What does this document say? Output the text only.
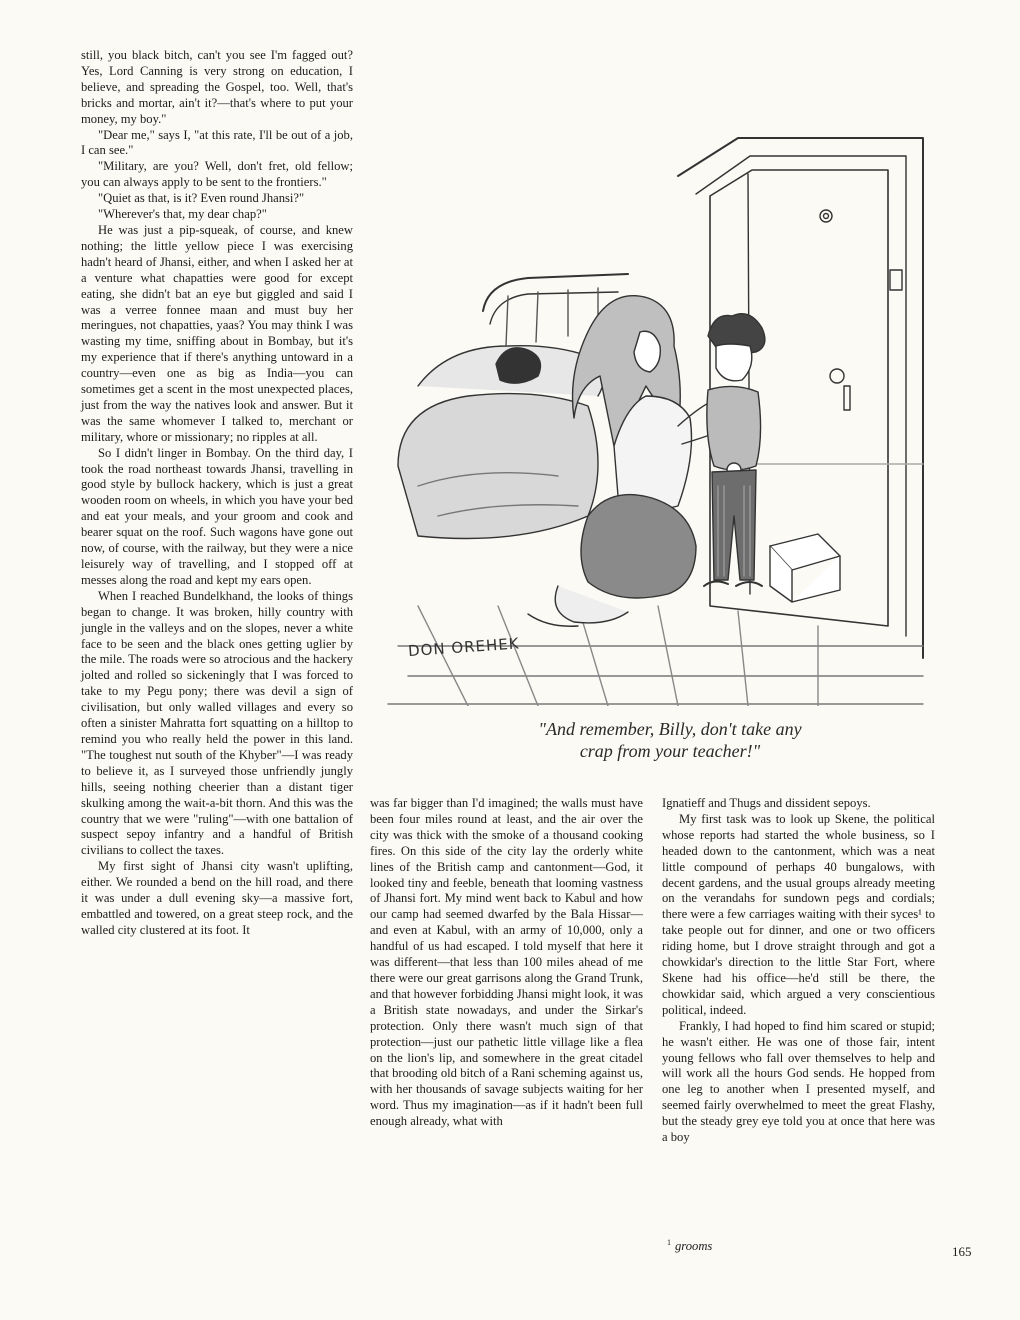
still, you black bitch, can't you see I'm fagged out? Yes, Lord Canning is very strong on education, I believe, and spreading the Gospel, too. Well, that's bricks and mortar, ain't it?—that's where to put your money, my boy."

"Dear me," says I, "at this rate, I'll be out of a job, I can see."

"Military, are you? Well, don't fret, old fellow; you can always apply to be sent to the frontiers."

"Quiet as that, is it? Even round Jhansi?"

"Wherever's that, my dear chap?"

He was just a pip-squeak, of course, and knew nothing; the little yellow piece I was exercising hadn't heard of Jhansi, either, and when I asked her at a venture what chapatties were good for except eating, she didn't bat an eye but giggled and said I was a verree fonnee maan and must buy her meringues, not chapatties, yaas? You may think I was wasting my time, sniffing about in Bombay, but it's my experience that if there's anything untoward in a country—even one as big as India—you can sometimes get a scent in the most unexpected places, just from the way the natives look and answer. But it was the same whomever I talked to, merchant or military, whore or missionary; no ripples at all.

So I didn't linger in Bombay. On the third day, I took the road northeast towards Jhansi, travelling in good style by bullock hackery, which is just a great wooden room on wheels, in which you have your bed and eat your meals, and your groom and cook and bearer squat on the roof. Such wagons have gone out now, of course, with the railway, but they were a nice leisurely way of travelling, and I stopped off at messes along the road and kept my ears open.

When I reached Bundelkhand, the looks of things began to change. It was broken, hilly country with jungle in the valleys and on the slopes, never a white face to be seen and the black ones getting uglier by the mile. The roads were so atrocious and the hackery jolted and rolled so sickeningly that I was forced to take to my Pegu pony; there was devil a sign of civilisation, but only walled villages and every so often a sinister Mahratta fort squatting on a hilltop to remind you who really held the power in this land. "The toughest nut south of the Khyber"—I was ready to believe it, as I surveyed those unfriendly jungly hills, seeing nothing cheerier than a distant tiger skulking among the wait-a-bit thorn. And this was the country that we were "ruling"—with one battalion of suspect sepoy infantry and a handful of British civilians to collect the taxes.

My first sight of Jhansi city wasn't uplifting, either. We rounded a bend on the hill road, and there it was under a dull evening sky—a massive fort, embattled and towered, on a great steep rock, and the walled city clustered at its foot. It

DON OREHEK
"And remember, Billy, don't take any
crap from your teacher!"

was far bigger than I'd imagined; the walls must have been four miles round at least, and the air over the city was thick with the smoke of a thousand cooking fires. On this side of the city lay the orderly white lines of the British camp and cantonment—God, it looked tiny and feeble, beneath that looming vastness of Jhansi fort. My mind went back to Kabul and how our camp had seemed dwarfed by the Bala Hissar—and even at Kabul, with an army of 10,000, only a handful of us had escaped. I told myself that here it was different—that less than 100 miles ahead of me there were our great garrisons along the Grand Trunk, and that however forbidding Jhansi might look, it was a British state nowadays, and under the Sirkar's protection. Only there wasn't much sign of that protection—just our pathetic little village like a flea on the lion's lip, and somewhere in the great citadel that brooding old bitch of a Rani scheming against us, with her thousands of savage subjects waiting for her word. Thus my imagination—as if it hadn't been full enough already, what with

Ignatieff and Thugs and dissident sepoys.

My first task was to look up Skene, the political whose reports had started the whole business, so I headed down to the cantonment, which was a neat little compound of perhaps 40 bungalows, with decent gardens, and the usual groups already meeting on the verandahs for sundown pegs and cordials; there were a few carriages waiting with their syces¹ to take people out for dinner, and one or two officers riding home, but I drove straight through and got a chowkidar's direction to the little Star Fort, where Skene had his office—he'd still be there, the chowkidar said, which argued a very conscientious political, indeed.

Frankly, I had hoped to find him scared or stupid; he wasn't either. He was one of those fair, intent young fellows who fall over themselves to help and will work all the hours God sends. He hopped from one leg to another when I presented myself, and seemed fairly overwhelmed to meet the great Flashy, but the steady grey eye told you at once that here was a boy

$^1$ grooms	165
